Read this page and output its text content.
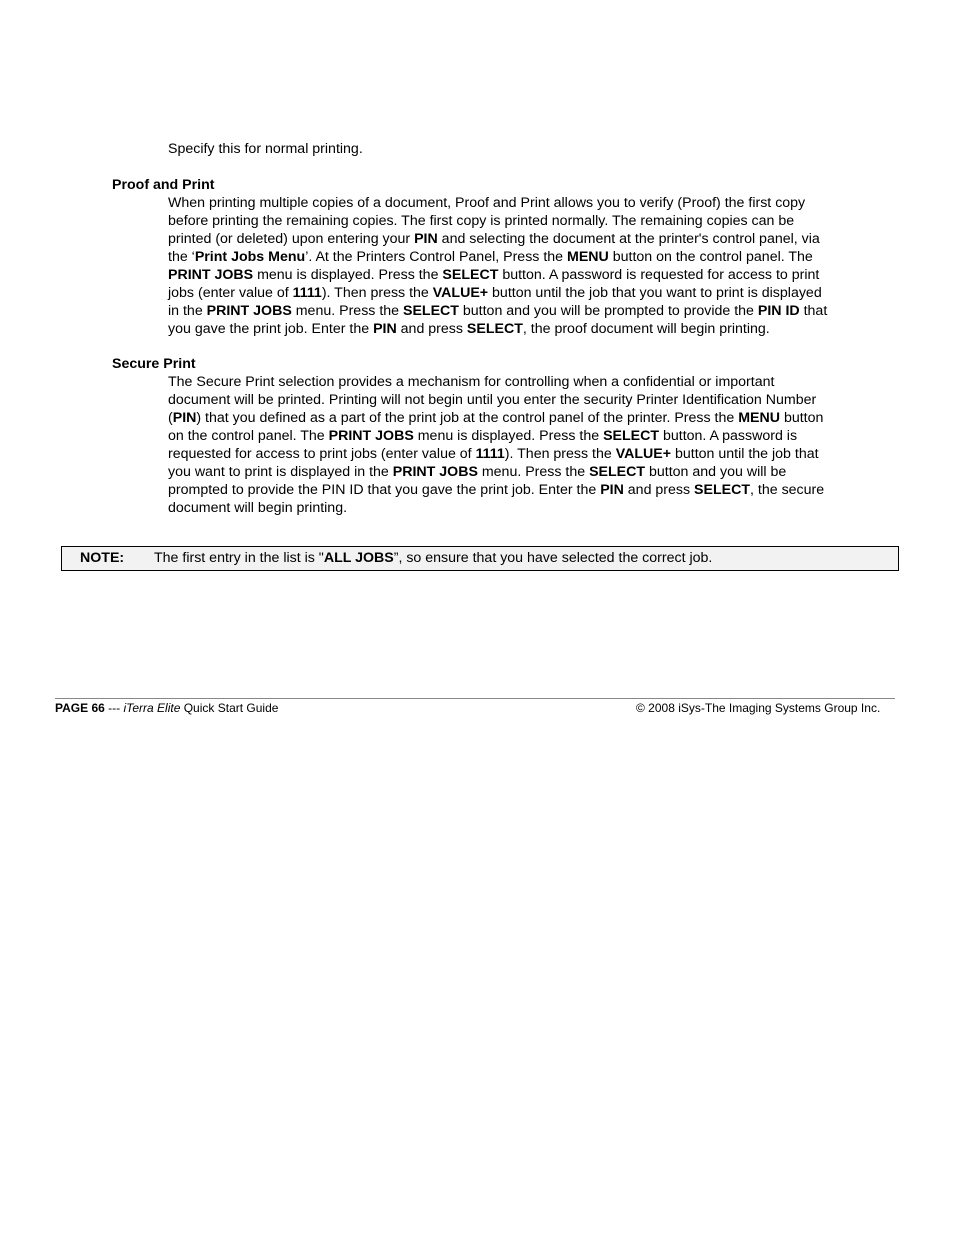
Specify this for normal printing.
Proof and Print
When printing multiple copies of a document, Proof and Print allows you to verify (Proof) the first copy
before printing the remaining copies. The first copy is printed normally. The remaining copies can be
printed (or deleted) upon entering your PIN and selecting the document at the printer's control panel, via
the ‘Print Jobs Menu’. At the Printers Control Panel, Press the MENU button on the control panel. The
PRINT JOBS menu is displayed. Press the SELECT button. A password is requested for access to print
jobs (enter value of 1111). Then press the VALUE+ button until the job that you want to print is displayed
in the PRINT JOBS menu. Press the SELECT button and you will be prompted to provide the PIN ID that
you gave the print job. Enter the PIN and press SELECT, the proof document will begin printing.
Secure Print
The Secure Print selection provides a mechanism for controlling when a confidential or important
document will be printed. Printing will not begin until you enter the security Printer Identification Number
(PIN) that you defined as a part of the print job at the control panel of the printer. Press the MENU button
on the control panel. The PRINT JOBS menu is displayed. Press the SELECT button. A password is
requested for access to print jobs (enter value of 1111). Then press the VALUE+ button until the job that
you want to print is displayed in the PRINT JOBS menu. Press the SELECT button and you will be
prompted to provide the PIN ID that you gave the print job. Enter the PIN and press SELECT, the secure
document will begin printing.
NOTE: The first entry in the list is "ALL JOBS”, so ensure that you have selected the correct job.
PAGE 66 --- iTerra Elite Quick Start Guide	© 2008 iSys-The Imaging Systems Group Inc.
